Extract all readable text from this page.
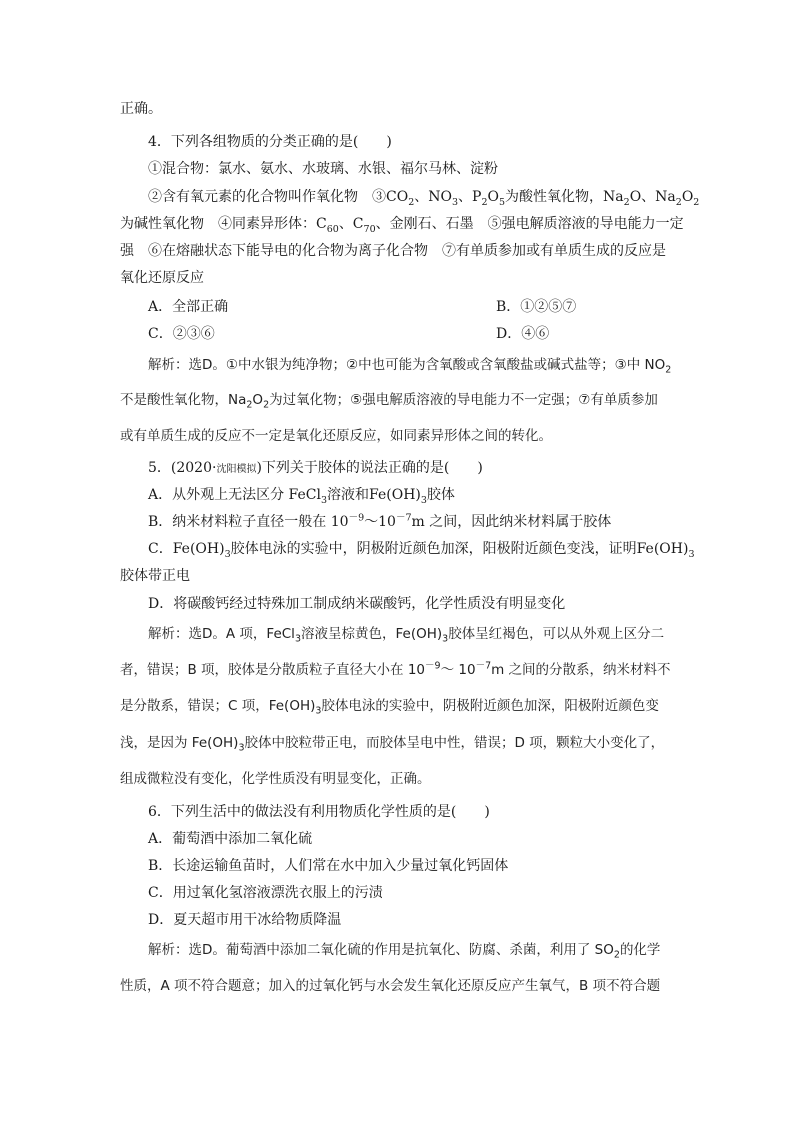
正确。
4．下列各组物质的分类正确的是(　　)
①混合物：氯水、氨水、水玻璃、水银、福尔马林、淀粉
②含有氧元素的化合物叫作氧化物　$③CO_2$、$NO_3$、$P_2O_5$为酸性氧化物，$Na_2O$、$Na_2O_2$
为碱性氧化物　④同素异形体：$C_{60}$、$C_{70}$、金刚石、石墨　⑤强电解质溶液的导电能力一定
强　⑥在熔融状态下能导电的化合物为离子化合物　⑦有单质参加或有单质生成的反应是
氧化还原反应
A．全部正确	B．①②⑤⑦
C．②③⑥	D．④⑥
解析：选D。①中水银为纯净物；②中也可能为含氧酸或含氧酸盐或碱式盐等；③中 $NO_2$
不是酸性氧化物，$Na_2O_2$为过氧化物；⑤强电解质溶液的导电能力不一定强；⑦有单质参加
或有单质生成的反应不一定是氧化还原反应，如同素异形体之间的转化。
5．(2020·沈阳模拟)下列关于胶体的说法正确的是(　　)
A．从外观上无法区分 FeCl$_3$溶液和$Fe(OH)_3$胶体
B．纳米材料粒子直径一般在 $10^{-9}\sim 10^{-7}m$ 之间，因此纳米材料属于胶体
C．$Fe(OH)_3$胶体电泳的实验中，阴极附近颜色加深，阳极附近颜色变浅，证明$Fe(OH)_3$
胶体带正电
D．将碳酸钙经过特殊加工制成纳米碳酸钙，化学性质没有明显变化
解析：选D。A 项，FeCl$_3$溶液呈棕黄色，$Fe(OH)_3$胶体呈红褐色，可以从外观上区分二
者，错误；B 项，胶体是分散质粒子直径大小在 $10^{-9}\sim$ $10^{-7}m$ 之间的分散系，纳米材料不
是分散系，错误；C 项，$Fe(OH)_3$胶体电泳的实验中，阴极附近颜色加深，阳极附近颜色变
浅，是因为 $Fe(OH)_3$胶体中胶粒带正电，而胶体呈电中性，错误；D 项，颗粒大小变化了，
组成微粒没有变化，化学性质没有明显变化，正确。
6．下列生活中的做法没有利用物质化学性质的是(　　)
A．葡萄酒中添加二氧化硫
B．长途运输鱼苗时，人们常在水中加入少量过氧化钙固体
C．用过氧化氢溶液漂洗衣服上的污渍
D．夏天超市用干冰给物质降温
解析：选D。葡萄酒中添加二氧化硫的作用是抗氧化、防腐、杀菌，利用了 $SO_2$的化学
性质，A 项不符合题意；加入的过氧化钙与水会发生氧化还原反应产生氧气，B 项不符合题
